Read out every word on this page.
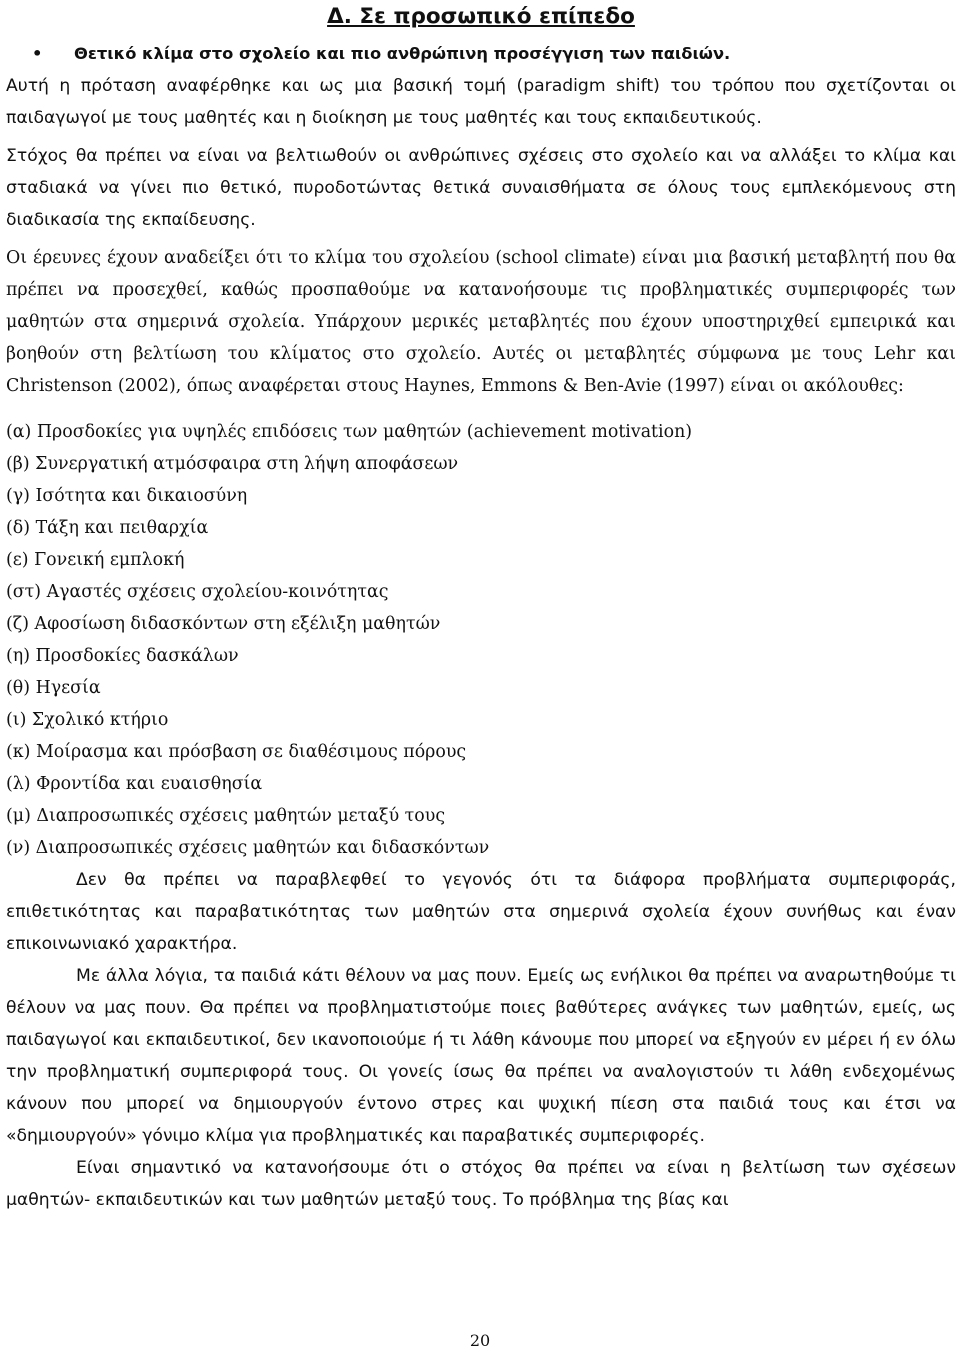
Δ. Σε προσωπικό επίπεδο
• Θετικό κλίμα στο σχολείο και πιο ανθρώπινη προσέγγιση των παιδιών.

Αυτή η πρόταση αναφέρθηκε και ως μια βασική τομή (paradigm shift) του τρόπου που σχετίζονται οι παιδαγωγοί με τους μαθητές και η διοίκηση με τους μαθητές και τους εκπαιδευτικούς.

Στόχος θα πρέπει να είναι να βελτιωθούν οι ανθρώπινες σχέσεις στο σχολείο και να αλλάξει το κλίμα και σταδιακά να γίνει πιο θετικό, πυροδοτώντας θετικά συναισθήματα σε όλους τους εμπλεκόμενους στη διαδικασία της εκπαίδευσης.

Οι έρευνες έχουν αναδείξει ότι το κλίμα του σχολείου (school climate) είναι μια βασική μεταβλητή που θα πρέπει να προσεχθεί, καθώς προσπαθούμε να κατανοήσουμε τις προβληματικές συμπεριφορές των μαθητών στα σημερινά σχολεία. Υπάρχουν μερικές μεταβλητές που έχουν υποστηριχθεί εμπειρικά και βοηθούν στη βελτίωση του κλίματος στο σχολείο. Αυτές οι μεταβλητές σύμφωνα με τους Lehr και Christenson (2002), όπως αναφέρεται στους Haynes, Emmons & Ben-Avie (1997) είναι οι ακόλουθες:

(α) Προσδοκίες για υψηλές επιδόσεις των μαθητών (achievement motivation)
(β) Συνεργατική ατμόσφαιρα στη λήψη αποφάσεων
(γ) Ισότητα και δικαιοσύνη
(δ) Τάξη και πειθαρχία
(ε) Γονεική εμπλοκή
(στ) Αγαστές σχέσεις σχολείου-κοινότητας
(ζ) Αφοσίωση διδασκόντων στη εξέλιξη μαθητών
(η) Προσδοκίες δασκάλων
(θ) Ηγεσία
(ι) Σχολικό κτήριο
(κ) Μοίρασμα και πρόσβαση σε διαθέσιμους πόρους
(λ) Φροντίδα και ευαισθησία
(μ) Διαπροσωπικές σχέσεις μαθητών μεταξύ τους
(ν) Διαπροσωπικές σχέσεις μαθητών και διδασκόντων

Δεν θα πρέπει να παραβλεφθεί το γεγονός ότι τα διάφορα προβλήματα συμπεριφοράς, επιθετικότητας και παραβατικότητας των μαθητών στα σημερινά σχολεία έχουν συνήθως και έναν επικοινωνιακό χαρακτήρα.

Με άλλα λόγια, τα παιδιά κάτι θέλουν να μας πουν. Εμείς ως ενήλικοι θα πρέπει να αναρωτηθούμε τι θέλουν να μας πουν. Θα πρέπει να προβληματιστούμε ποιες βαθύτερες ανάγκες των μαθητών, εμείς, ως παιδαγωγοί και εκπαιδευτικοί, δεν ικανοποιούμε ή τι λάθη κάνουμε που μπορεί να εξηγούν εν μέρει ή εν όλω την προβληματική συμπεριφορά τους. Οι γονείς ίσως θα πρέπει να αναλογιστούν τι λάθη ενδεχομένως κάνουν που μπορεί να δημιουργούν έντονο στρες και ψυχική πίεση στα παιδιά τους και έτσι να «δημιουργούν» γόνιμο κλίμα για προβληματικές και παραβατικές συμπεριφορές.

Είναι σημαντικό να κατανοήσουμε ότι ο στόχος θα πρέπει να είναι η βελτίωση των σχέσεων μαθητών- εκπαιδευτικών και των μαθητών μεταξύ τους. Το πρόβλημα της βίας και

20
